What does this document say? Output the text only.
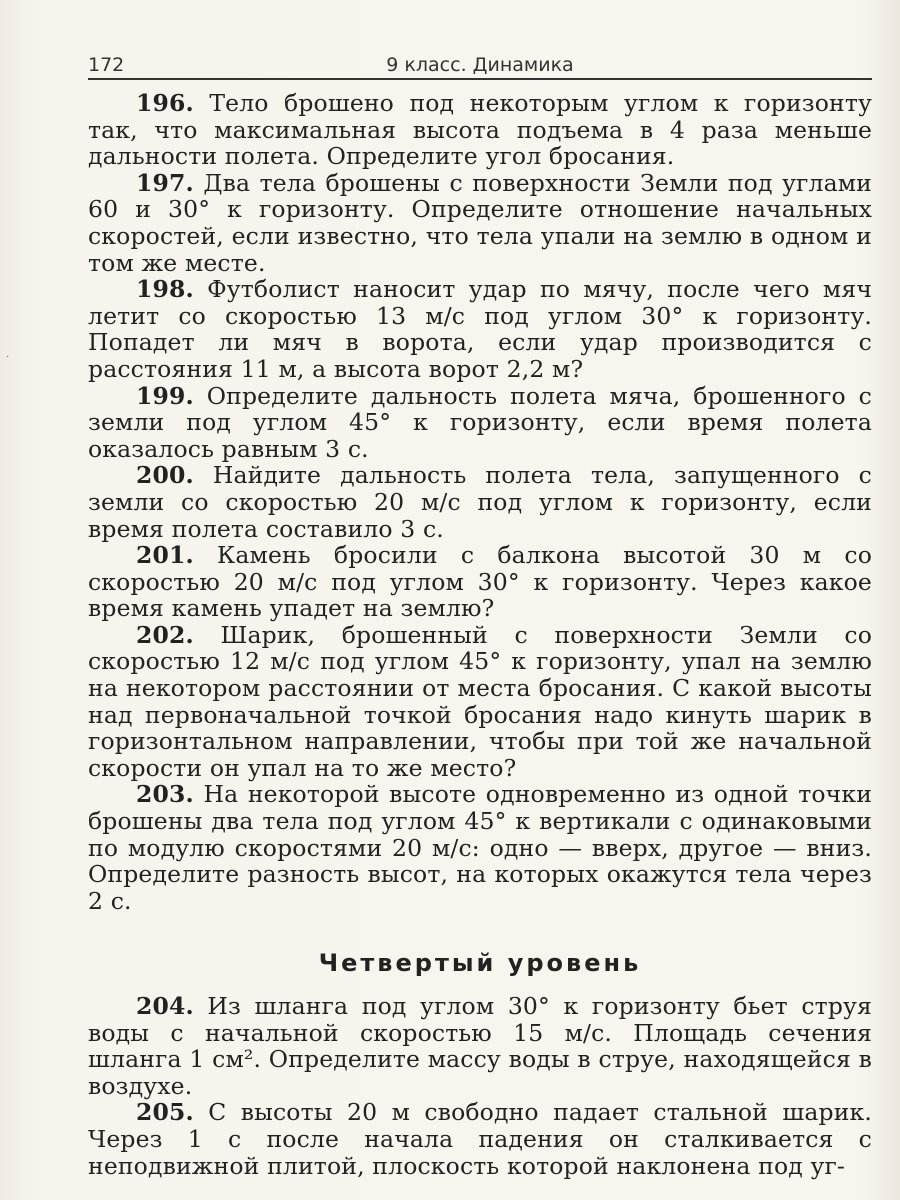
172	9 класс. Динамика
·

196. Тело брошено под некоторым углом к горизонту так, что максимальная высота подъема в 4 раза меньше дальности полета. Определите угол бросания.

197. Два тела брошены с поверхности Земли под углами 60 и 30° к горизонту. Определите отношение начальных скоростей, если известно, что тела упали на землю в одном и том же месте.

198. Футболист наносит удар по мячу, после чего мяч летит со скоростью 13 м/с под углом 30° к горизонту. Попадет ли мяч в ворота, если удар производится с расстояния 11 м, а высота ворот 2,2 м?

199. Определите дальность полета мяча, брошенного с земли под углом 45° к горизонту, если время полета оказалось равным 3 с.

200. Найдите дальность полета тела, запущенного с земли со скоростью 20 м/с под углом к горизонту, если время полета составило 3 с.

201. Камень бросили с балкона высотой 30 м со скоростью 20 м/с под углом 30° к горизонту. Через какое время камень упадет на землю?

202. Шарик, брошенный с поверхности Земли со скоростью 12 м/с под углом 45° к горизонту, упал на землю на некотором расстоянии от места бросания. С какой высоты над первоначальной точкой бросания надо кинуть шарик в горизонтальном направлении, чтобы при той же начальной скорости он упал на то же место?

203. На некоторой высоте одновременно из одной точки брошены два тела под углом 45° к вертикали с одинаковыми по модулю скоростями 20 м/с: одно — вверх, другое — вниз. Определите разность высот, на которых окажутся тела через 2 с.

Четвертый уровень

204. Из шланга под углом 30° к горизонту бьет струя воды с начальной скоростью 15 м/с. Площадь сечения шланга 1 см². Определите массу воды в струе, находящейся в воздухе.

205. С высоты 20 м свободно падает стальной шарик. Через 1 с после начала падения он сталкивается с неподвижной плитой, плоскость которой наклонена под уг-
